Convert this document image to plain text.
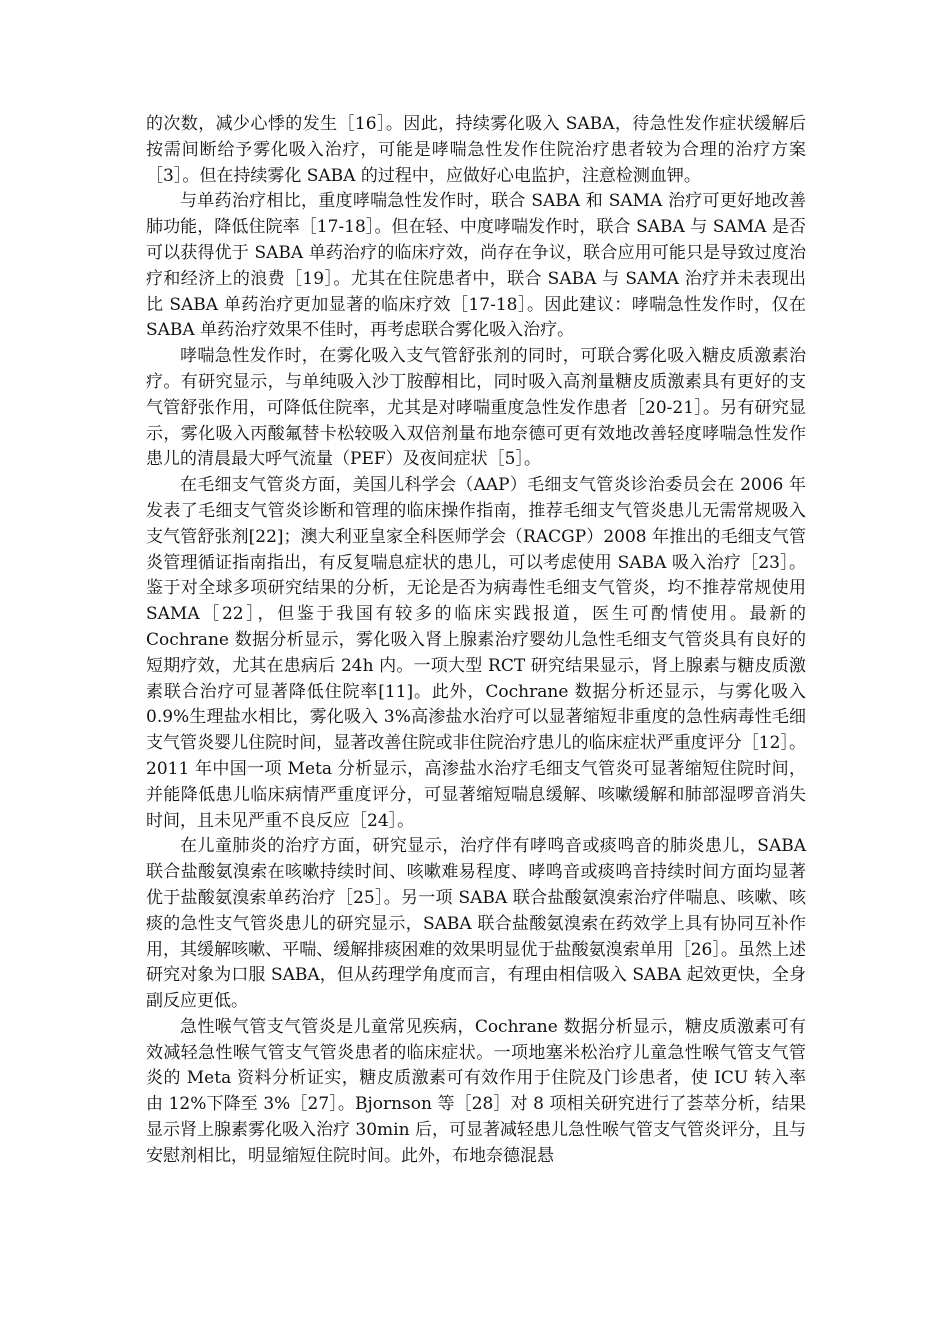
的次数，减少心悸的发生［16］。因此，持续雾化吸入 SABA，待急性发作症状缓解后按需间断给予雾化吸入治疗，可能是哮喘急性发作住院治疗患者较为合理的治疗方案［3］。但在持续雾化 SABA 的过程中，应做好心电监护，注意检测血钾。

与单药治疗相比，重度哮喘急性发作时，联合 SABA 和 SAMA 治疗可更好地改善肺功能，降低住院率［17-18］。但在轻、中度哮喘发作时，联合 SABA 与 SAMA 是否可以获得优于 SABA 单药治疗的临床疗效，尚存在争议，联合应用可能只是导致过度治疗和经济上的浪费［19］。尤其在住院患者中，联合 SABA 与 SAMA 治疗并未表现出比 SABA 单药治疗更加显著的临床疗效［17-18］。因此建议：哮喘急性发作时，仅在 SABA 单药治疗效果不佳时，再考虑联合雾化吸入治疗。

哮喘急性发作时，在雾化吸入支气管舒张剂的同时，可联合雾化吸入糖皮质激素治疗。有研究显示，与单纯吸入沙丁胺醇相比，同时吸入高剂量糖皮质激素具有更好的支气管舒张作用，可降低住院率，尤其是对哮喘重度急性发作患者［20-21］。另有研究显示，雾化吸入丙酸氟替卡松较吸入双倍剂量布地奈德可更有效地改善轻度哮喘急性发作患儿的清晨最大呼气流量（PEF）及夜间症状［5］。

在毛细支气管炎方面，美国儿科学会（AAP）毛细支气管炎诊治委员会在 2006 年发表了毛细支气管炎诊断和管理的临床操作指南，推荐毛细支气管炎患儿无需常规吸入支气管舒张剂[22]；澳大利亚皇家全科医师学会（RACGP）2008 年推出的毛细支气管炎管理循证指南指出，有反复喘息症状的患儿，可以考虑使用 SABA 吸入治疗［23］。鉴于对全球多项研究结果的分析，无论是否为病毒性毛细支气管炎，均不推荐常规使用 SAMA［22］，但鉴于我国有较多的临床实践报道，医生可酌情使用。最新的 Cochrane 数据分析显示，雾化吸入肾上腺素治疗婴幼儿急性毛细支气管炎具有良好的短期疗效，尤其在患病后 24h 内。一项大型 RCT 研究结果显示，肾上腺素与糖皮质激素联合治疗可显著降低住院率[11]。此外，Cochrane 数据分析还显示，与雾化吸入 0.9%生理盐水相比，雾化吸入 3%高渗盐水治疗可以显著缩短非重度的急性病毒性毛细支气管炎婴儿住院时间，显著改善住院或非住院治疗患儿的临床症状严重度评分［12］。2011 年中国一项 Meta 分析显示，高渗盐水治疗毛细支气管炎可显著缩短住院时间，并能降低患儿临床病情严重度评分，可显著缩短喘息缓解、咳嗽缓解和肺部湿啰音消失时间，且未见严重不良反应［24］。

在儿童肺炎的治疗方面，研究显示，治疗伴有哮鸣音或痰鸣音的肺炎患儿，SABA 联合盐酸氨溴索在咳嗽持续时间、咳嗽难易程度、哮鸣音或痰鸣音持续时间方面均显著优于盐酸氨溴索单药治疗［25］。另一项 SABA 联合盐酸氨溴索治疗伴喘息、咳嗽、咳痰的急性支气管炎患儿的研究显示，SABA 联合盐酸氨溴索在药效学上具有协同互补作用，其缓解咳嗽、平喘、缓解排痰困难的效果明显优于盐酸氨溴索单用［26］。虽然上述研究对象为口服 SABA，但从药理学角度而言，有理由相信吸入 SABA 起效更快，全身副反应更低。

急性喉气管支气管炎是儿童常见疾病，Cochrane 数据分析显示，糖皮质激素可有效减轻急性喉气管支气管炎患者的临床症状。一项地塞米松治疗儿童急性喉气管支气管炎的 Meta 资料分析证实，糖皮质激素可有效作用于住院及门诊患者，使 ICU 转入率由 12%下降至 3%［27］。Bjornson 等［28］对 8 项相关研究进行了荟萃分析，结果显示肾上腺素雾化吸入治疗 30min 后，可显著减轻患儿急性喉气管支气管炎评分，且与安慰剂相比，明显缩短住院时间。此外，布地奈德混悬
